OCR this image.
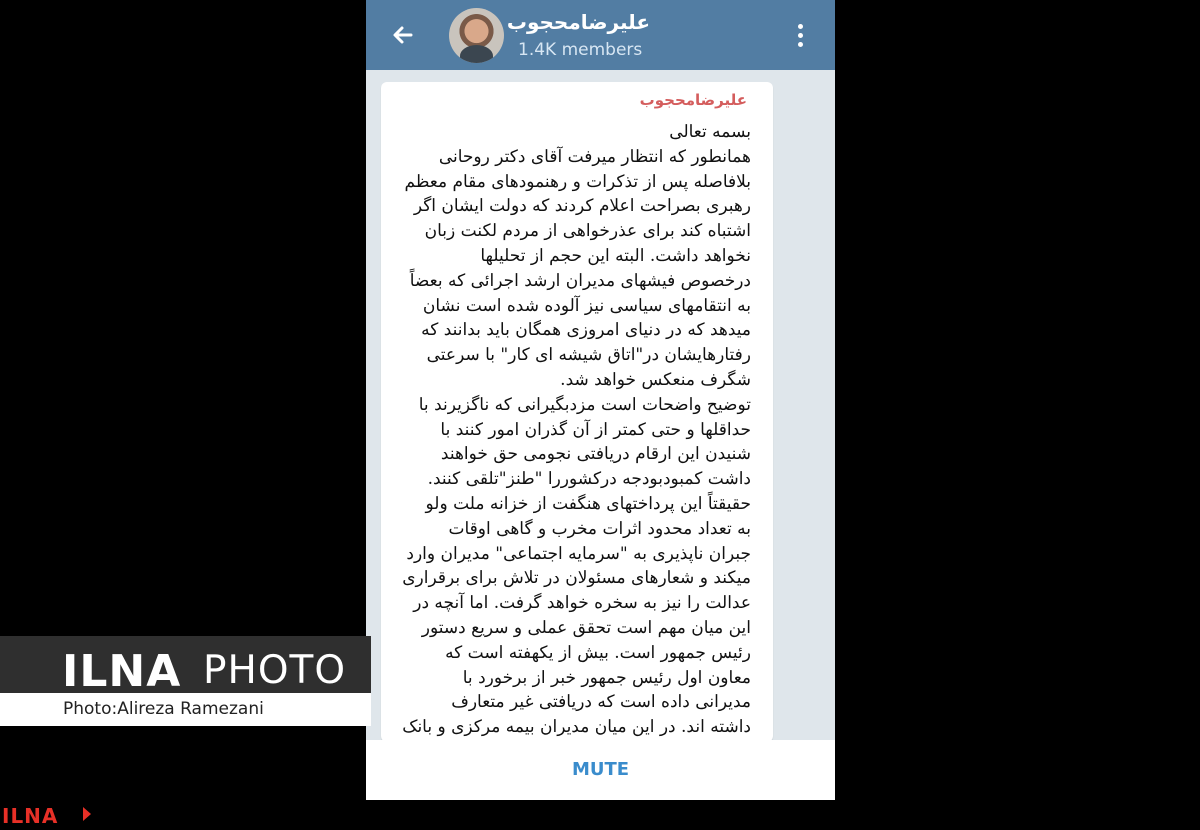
علیرضامحجوب
1.4K members
علیرضامحجوب
بسمه تعالی
همانطور که انتظار میرفت آقای دکتر روحانی
بلافاصله پس از تذکرات و رهنمودهای مقام معظم
رهبری بصراحت اعلام کردند که دولت ایشان اگر
اشتباه کند برای عذرخواهی از مردم لکنت زبان
نخواهد داشت. البته این حجم از تحلیلها
درخصوص فیشهای مدیران ارشد اجرائی که بعضاً
به انتقامهای سیاسی نیز آلوده شده است نشان
میدهد که در دنیای امروزی همگان باید بدانند که
رفتارهایشان در"اتاق شیشه ای کار" با سرعتی
شگرف منعکس خواهد شد.
توضیح واضحات است مزدبگیرانی که ناگزیرند با
حداقلها و حتی کمتر از آن گذران امور کنند با
شنیدن این ارقام دریافتی نجومی حق خواهند
داشت کمبودبودجه درکشوررا "طنز"تلقی کنند.
حقیقتاً این پرداختهای هنگفت از خزانه ملت ولو
به تعداد محدود اثرات مخرب و گاهی اوقات
جبران ناپذیری به "سرمایه اجتماعی" مدیران وارد
میکند و شعارهای مسئولان در تلاش برای برقراری
عدالت را نیز به سخره خواهد گرفت. اما آنچه در
این میان مهم است تحقق عملی و سریع دستور
رئیس جمهور است. بیش از یکهفته است که
معاون اول رئیس جمهور خبر از برخورد با
مدیرانی داده است که دریافتی غیر متعارف
داشته اند. در این میان مدیران بیمه مرکزی و بانک
MUTE
ILNA PHOTO
Photo:Alireza Ramezani
ILNA
